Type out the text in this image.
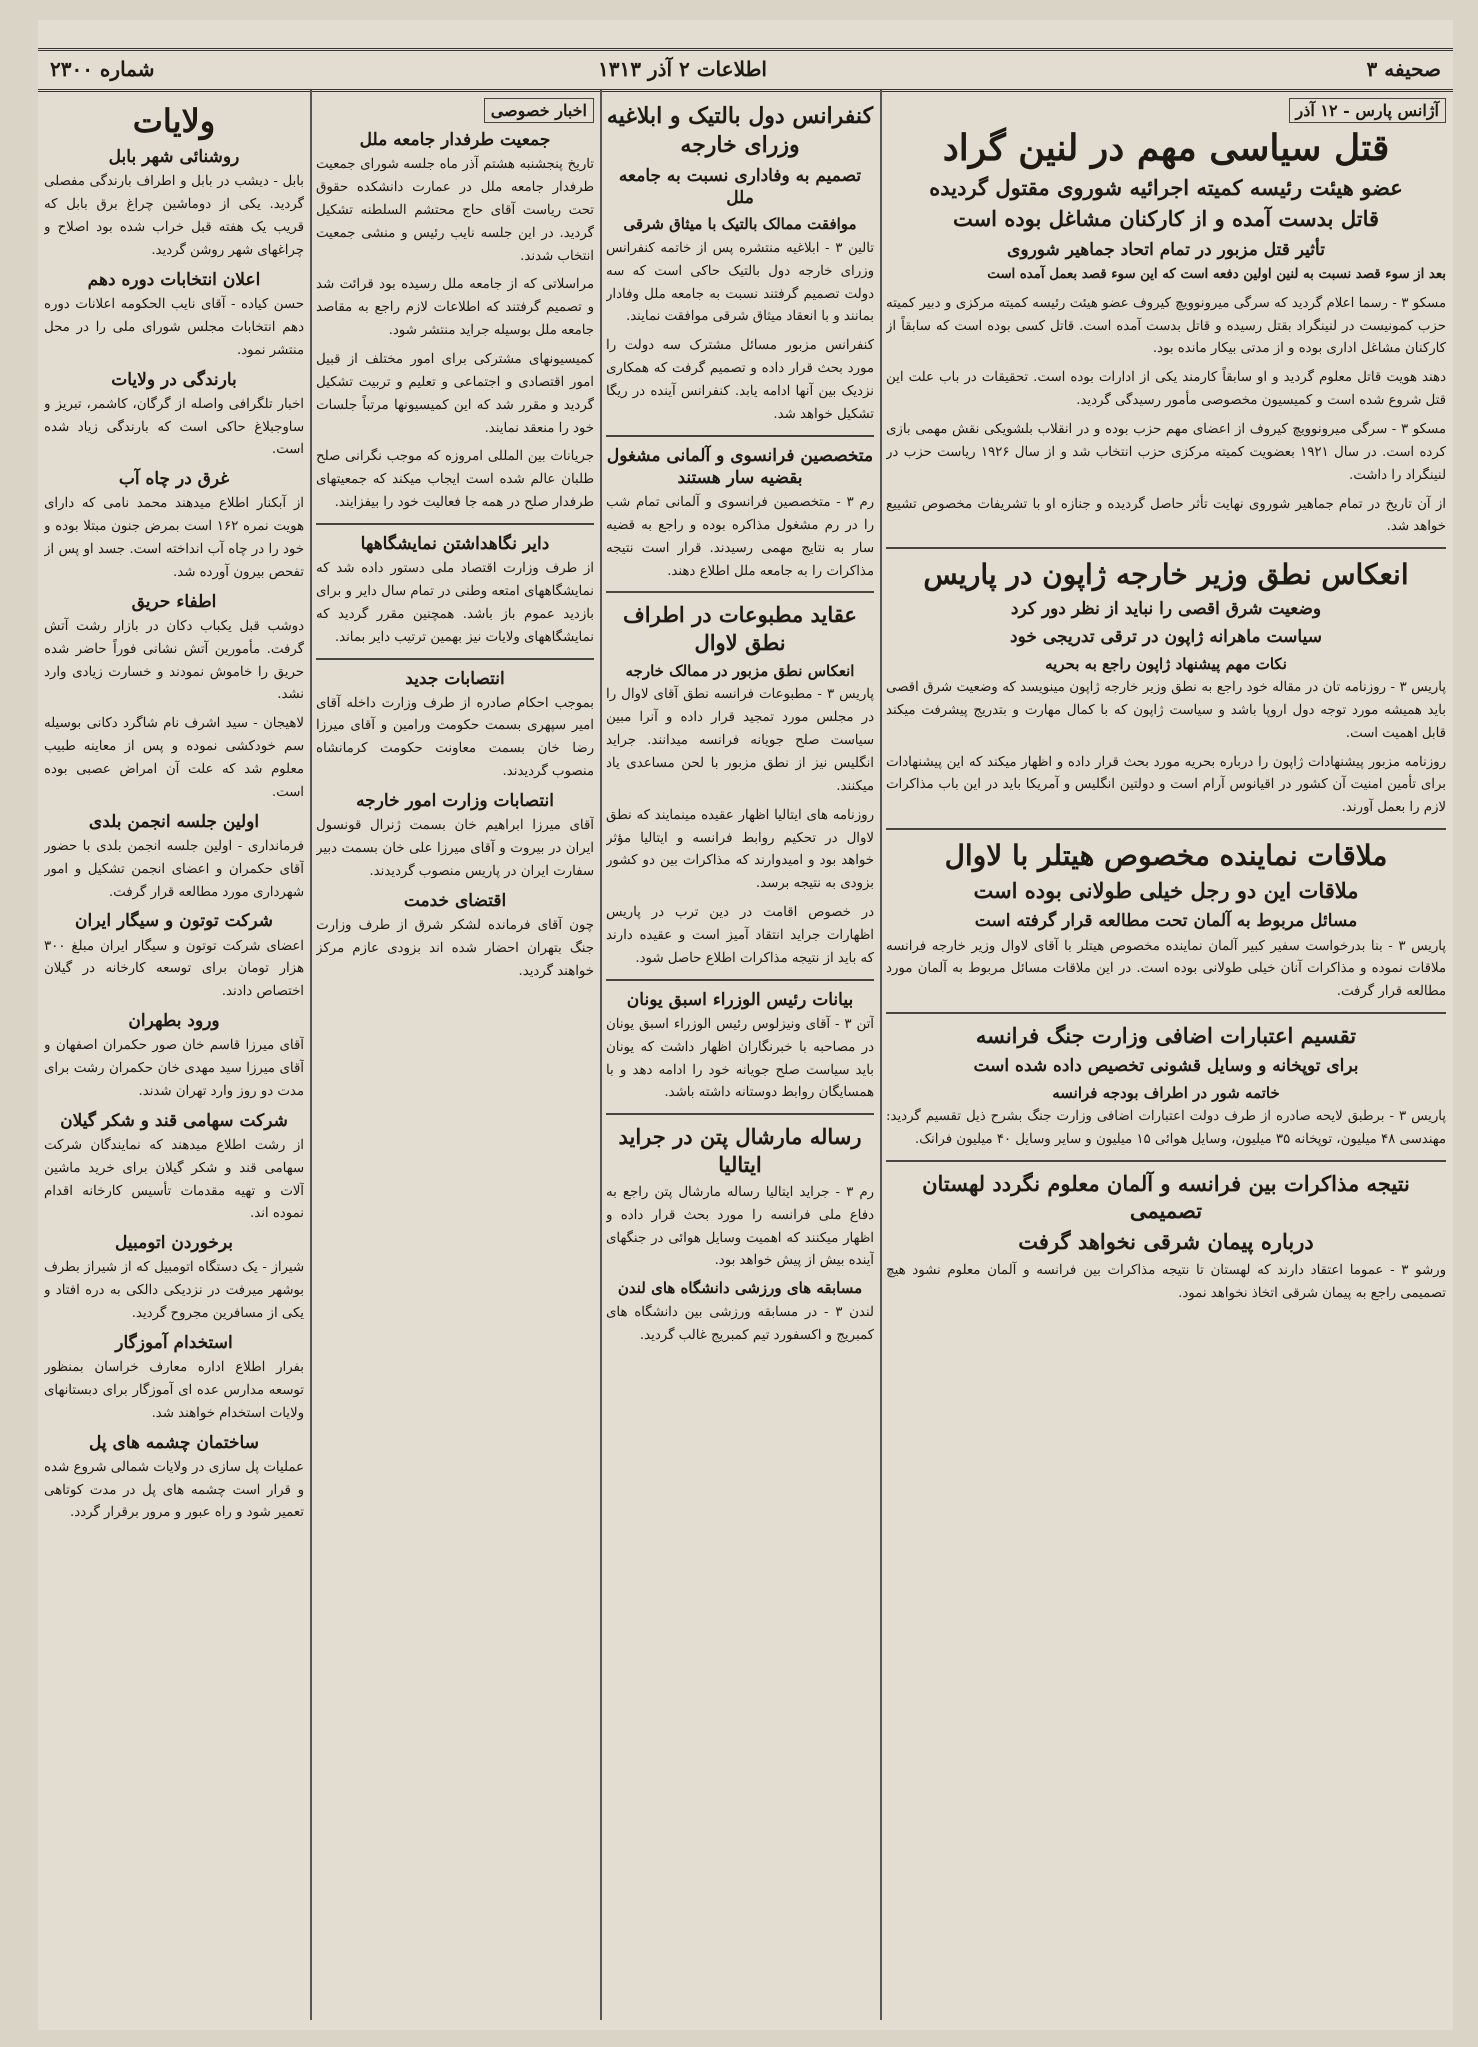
صحیفه ۳
اطلاعات ۲ آذر ۱۳۱۳
شماره ۲۳۰۰
آژانس پارس - ۱۲ آذر
قتل سیاسی مهم در لنین گراد
عضو هیئت رئیسه کمیته اجرائیه شوروی مقتول گردیده
قاتل بدست آمده و از کارکنان مشاغل بوده است
تأثیر قتل مزبور در تمام اتحاد جماهیر شوروی

بعد از سوء قصد نسبت به لنین اولین دفعه است که این سوء قصد بعمل آمده است

مسکو ۳ - رسما اعلام گردید که سرگی میرونوویچ کیروف عضو هیئت رئیسه کمیته مرکزی و دبیر کمیته حزب کمونیست در لنینگراد بقتل رسیده و قاتل بدست آمده است. قاتل کسی بوده است که سابقاً از کارکنان مشاغل اداری بوده و از مدتی بیکار مانده بود.

دهند هویت قاتل معلوم گردید و او سابقاً کارمند یکی از ادارات بوده است. تحقیقات در باب علت این قتل شروع شده است و کمیسیون مخصوصی مأمور رسیدگی گردید.

مسکو ۳ - سرگی میرونوویچ کیروف از اعضای مهم حزب بوده و در انقلاب بلشویکی نقش مهمی بازی کرده است. در سال ۱۹۲۱ بعضویت کمیته مرکزی حزب انتخاب شد و از سال ۱۹۲۶ ریاست حزب در لنینگراد را داشت.

از آن تاریخ در تمام جماهیر شوروی نهایت تأثر حاصل گردیده و جنازه او با تشریفات مخصوص تشییع خواهد شد.

انعکاس نطق وزیر خارجه ژاپون در پاریس
وضعیت شرق اقصی را نباید از نظر دور کرد
سیاست ماهرانه ژاپون در ترقی تدریجی خود
نکات مهم پیشنهاد ژاپون راجع به بحریه

پاریس ۳ - روزنامه تان در مقاله خود راجع به نطق وزیر خارجه ژاپون مینویسد که وضعیت شرق اقصی باید همیشه مورد توجه دول اروپا باشد و سیاست ژاپون که با کمال مهارت و بتدریج پیشرفت میکند قابل اهمیت است.

روزنامه مزبور پیشنهادات ژاپون را درباره بحریه مورد بحث قرار داده و اظهار میکند که این پیشنهادات برای تأمین امنیت آن کشور در اقیانوس آرام است و دولتین انگلیس و آمریکا باید در این باب مذاکرات لازم را بعمل آورند.

ملاقات نماینده مخصوص هیتلر با لاوال
ملاقات این دو رجل خیلی طولانی بوده است
مسائل مربوط به آلمان تحت مطالعه قرار گرفته است

پاریس ۳ - بنا بدرخواست سفیر کبیر آلمان نماینده مخصوص هیتلر با آقای لاوال وزیر خارجه فرانسه ملاقات نموده و مذاکرات آنان خیلی طولانی بوده است. در این ملاقات مسائل مربوط به آلمان مورد مطالعه قرار گرفت.

تقسیم اعتبارات اضافی وزارت جنگ فرانسه
برای توپخانه و وسایل قشونی تخصیص داده شده است
خاتمه شور در اطراف بودجه فرانسه

پاریس ۳ - برطبق لایحه صادره از طرف دولت اعتبارات اضافی وزارت جنگ بشرح ذیل تقسیم گردید: مهندسی ۴۸ میلیون، توپخانه ۳۵ میلیون، وسایل هوائی ۱۵ میلیون و سایر وسایل ۴۰ میلیون فرانک.

نتیجه مذاکرات بین فرانسه و آلمان معلوم نگردد لهستان تصمیمی
درباره پیمان شرقی نخواهد گرفت

ورشو ۳ - عموما اعتقاد دارند که لهستان تا نتیجه مذاکرات بین فرانسه و آلمان معلوم نشود هیچ تصمیمی راجع به پیمان شرقی اتخاذ نخواهد نمود.

کنفرانس دول بالتیک و ابلاغیه وزرای خارجه
تصمیم به وفاداری نسبت به جامعه ملل
موافقت ممالک بالتیک با میثاق شرقی

تالین ۳ - ابلاغیه منتشره پس از خاتمه کنفرانس وزرای خارجه دول بالتیک حاکی است که سه دولت تصمیم گرفتند نسبت به جامعه ملل وفادار بمانند و با انعقاد میثاق شرقی موافقت نمایند.

کنفرانس مزبور مسائل مشترک سه دولت را مورد بحث قرار داده و تصمیم گرفت که همکاری نزدیک بین آنها ادامه یابد. کنفرانس آینده در ریگا تشکیل خواهد شد.

متخصصین فرانسوی و آلمانی مشغول بقضیه سار هستند

رم ۳ - متخصصین فرانسوی و آلمانی تمام شب را در رم مشغول مذاکره بوده و راجع به قضیه سار به نتایج مهمی رسیدند. قرار است نتیجه مذاکرات را به جامعه ملل اطلاع دهند.

عقاید مطبوعات در اطراف نطق لاوال
انعکاس نطق مزبور در ممالک خارجه

پاریس ۳ - مطبوعات فرانسه نطق آقای لاوال را در مجلس مورد تمجید قرار داده و آنرا مبین سیاست صلح جویانه فرانسه میدانند. جراید انگلیس نیز از نطق مزبور با لحن مساعدی یاد میکنند.

روزنامه های ایتالیا اظهار عقیده مینمایند که نطق لاوال در تحکیم روابط فرانسه و ایتالیا مؤثر خواهد بود و امیدوارند که مذاکرات بین دو کشور بزودی به نتیجه برسد.

در خصوص اقامت در دین ترب در پاریس اظهارات جراید انتقاد آمیز است و عقیده دارند که باید از نتیجه مذاکرات اطلاع حاصل شود.

بیانات رئیس الوزراء اسبق یونان

آتن ۳ - آقای ونیزلوس رئیس الوزراء اسبق یونان در مصاحبه با خبرنگاران اظهار داشت که یونان باید سیاست صلح جویانه خود را ادامه دهد و با همسایگان روابط دوستانه داشته باشد.

رساله مارشال پتن در جراید ایتالیا

رم ۳ - جراید ایتالیا رساله مارشال پتن راجع به دفاع ملی فرانسه را مورد بحث قرار داده و اظهار میکنند که اهمیت وسایل هوائی در جنگهای آینده بیش از پیش خواهد بود.

مسابقه های ورزشی دانشگاه های لندن

لندن ۳ - در مسابقه ورزشی بین دانشگاه های کمبریج و اکسفورد تیم کمبریج غالب گردید.

اخبار خصوصی
جمعیت طرفدار جامعه ملل

تاریخ پنجشنبه هشتم آذر ماه جلسه شورای جمعیت طرفدار جامعه ملل در عمارت دانشکده حقوق تحت ریاست آقای حاج محتشم السلطنه تشکیل گردید. در این جلسه نایب رئیس و منشی جمعیت انتخاب شدند.

مراسلاتی که از جامعه ملل رسیده بود قرائت شد و تصمیم گرفتند که اطلاعات لازم راجع به مقاصد جامعه ملل بوسیله جراید منتشر شود.

کمیسیونهای مشترکی برای امور مختلف از قبیل امور اقتصادی و اجتماعی و تعلیم و تربیت تشکیل گردید و مقرر شد که این کمیسیونها مرتباً جلسات خود را منعقد نمایند.

جریانات بین المللی امروزه که موجب نگرانی صلح طلبان عالم شده است ایجاب میکند که جمعیتهای طرفدار صلح در همه جا فعالیت خود را بیفزایند.

دایر نگاهداشتن نمایشگاهها

از طرف وزارت اقتصاد ملی دستور داده شد که نمایشگاههای امتعه وطنی در تمام سال دایر و برای بازدید عموم باز باشد. همچنین مقرر گردید که نمایشگاههای ولایات نیز بهمین ترتیب دایر بماند.

انتصابات جدید

بموجب احکام صادره از طرف وزارت داخله آقای امیر سپهری بسمت حکومت ورامین و آقای میرزا رضا خان بسمت معاونت حکومت کرمانشاه منصوب گردیدند.

انتصابات وزارت امور خارجه

آقای میرزا ابراهیم خان بسمت ژنرال قونسول ایران در بیروت و آقای میرزا علی خان بسمت دبیر سفارت ایران در پاریس منصوب گردیدند.

اقتضای خدمت

چون آقای فرمانده لشکر شرق از طرف وزارت جنگ بتهران احضار شده اند بزودی عازم مرکز خواهند گردید.

ولایات
روشنائی شهر بابل

بابل - دیشب در بابل و اطراف بارندگی مفصلی گردید. یکی از دوماشین چراغ برق بابل که قریب یک هفته قبل خراب شده بود اصلاح و چراغهای شهر روشن گردید.

اعلان انتخابات دوره دهم

حسن کیاده - آقای نایب الحکومه اعلانات دوره دهم انتخابات مجلس شورای ملی را در محل منتشر نمود.

بارندگی در ولایات

اخبار تلگرافی واصله از گرگان، کاشمر، تبریز و ساوجبلاغ حاکی است که بارندگی زیاد شده است.

غرق در چاه آب

از آبکنار اطلاع میدهند محمد نامی که دارای هویت نمره ۱۶۲ است بمرض جنون مبتلا بوده و خود را در چاه آب انداخته است. جسد او پس از تفحص بیرون آورده شد.

اطفاء حریق

دوشب قبل یکباب دکان در بازار رشت آتش گرفت. مأمورین آتش نشانی فوراً حاضر شده حریق را خاموش نمودند و خسارت زیادی وارد نشد.

لاهیجان - سید اشرف نام شاگرد دکانی بوسیله سم خودکشی نموده و پس از معاینه طبیب معلوم شد که علت آن امراض عصبی بوده است.

اولین جلسه انجمن بلدی

فرمانداری - اولین جلسه انجمن بلدی با حضور آقای حکمران و اعضای انجمن تشکیل و امور شهرداری مورد مطالعه قرار گرفت.

شرکت توتون و سیگار ایران

اعضای شرکت توتون و سیگار ایران مبلغ ۳۰۰ هزار تومان برای توسعه کارخانه در گیلان اختصاص دادند.

ورود بطهران

آقای میرزا قاسم خان صور حکمران اصفهان و آقای میرزا سید مهدی خان حکمران رشت برای مدت دو روز وارد تهران شدند.

شرکت سهامی قند و شکر گیلان

از رشت اطلاع میدهند که نمایندگان شرکت سهامی قند و شکر گیلان برای خرید ماشین آلات و تهیه مقدمات تأسیس کارخانه اقدام نموده اند.

برخوردن اتومبیل

شیراز - یک دستگاه اتومبیل که از شیراز بطرف بوشهر میرفت در نزدیکی دالکی به دره افتاد و یکی از مسافرین مجروح گردید.

استخدام آموزگار

بفرار اطلاع اداره معارف خراسان بمنظور توسعه مدارس عده ای آموزگار برای دبستانهای ولایات استخدام خواهند شد.

ساختمان چشمه های پل

عملیات پل سازی در ولایات شمالی شروع شده و قرار است چشمه های پل در مدت کوتاهی تعمیر شود و راه عبور و مرور برقرار گردد.
